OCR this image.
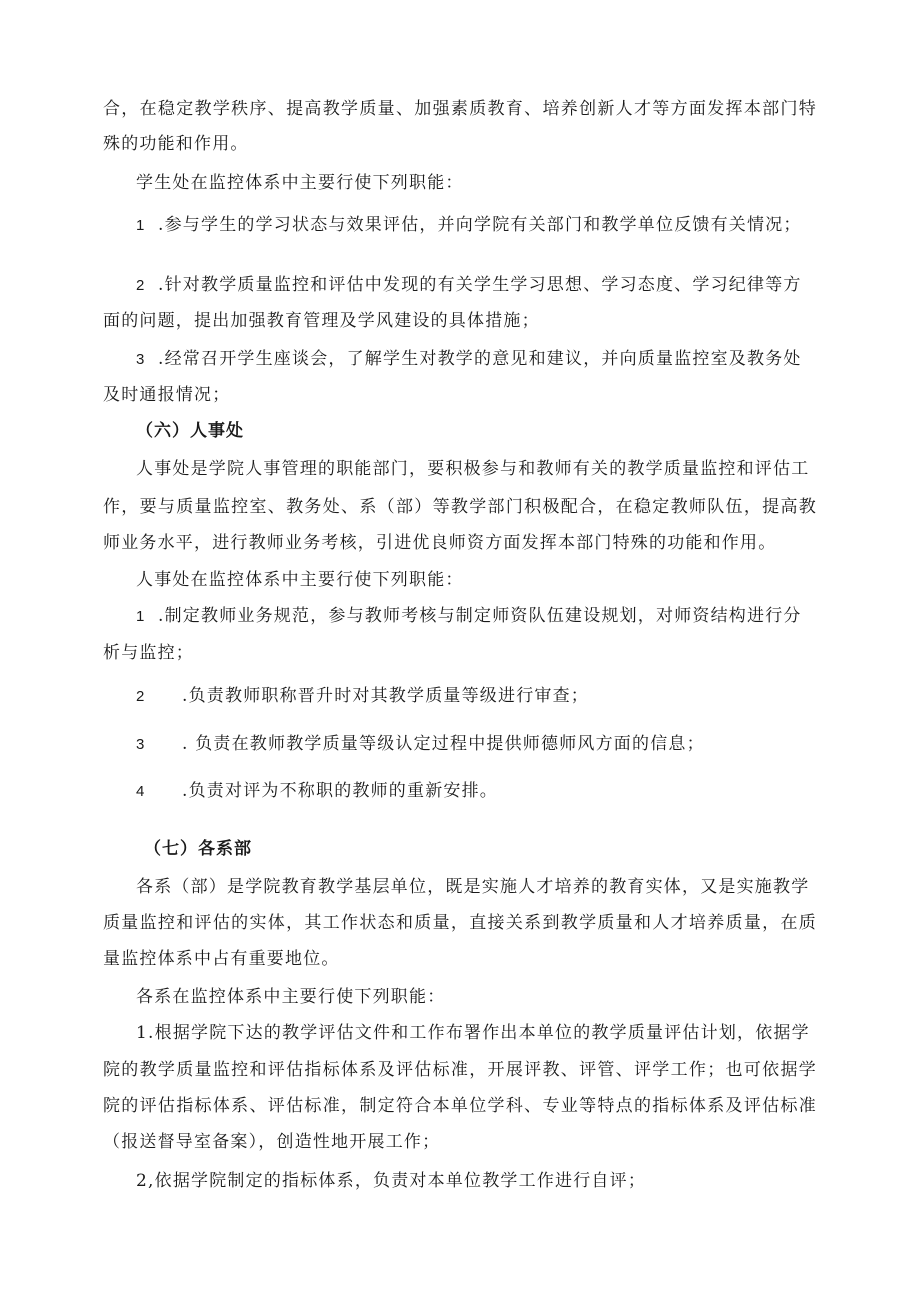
合，在稳定教学秩序、提高教学质量、加强素质教育、培养创新人才等方面发挥本部门特

殊的功能和作用。

学生处在监控体系中主要行使下列职能：

1 .参与学生的学习状态与效果评估，并向学院有关部门和教学单位反馈有关情况；

2 .针对教学质量监控和评估中发现的有关学生学习思想、学习态度、学习纪律等方

面的问题，提出加强教育管理及学风建设的具体措施；

3 .经常召开学生座谈会，了解学生对教学的意见和建议，并向质量监控室及教务处

及时通报情况；

（六）人事处

人事处是学院人事管理的职能部门，要积极参与和教师有关的教学质量监控和评估工

作，要与质量监控室、教务处、系（部）等教学部门积极配合，在稳定教师队伍，提高教

师业务水平，进行教师业务考核，引进优良师资方面发挥本部门特殊的功能和作用。

人事处在监控体系中主要行使下列职能：

1 .制定教师业务规范，参与教师考核与制定师资队伍建设规划，对师资结构进行分

析与监控；

2 .负责教师职称晋升时对其教学质量等级进行审查；

3 . 负责在教师教学质量等级认定过程中提供师德师风方面的信息；

4 .负责对评为不称职的教师的重新安排。

（七）各系部

各系（部）是学院教育教学基层单位，既是实施人才培养的教育实体，又是实施教学

质量监控和评估的实体，其工作状态和质量，直接关系到教学质量和人才培养质量，在质

量监控体系中占有重要地位。

各系在监控体系中主要行使下列职能：

1.根据学院下达的教学评估文件和工作布署作出本单位的教学质量评估计划，依据学

院的教学质量监控和评估指标体系及评估标准，开展评教、评管、评学工作；也可依据学

院的评估指标体系、评估标准，制定符合本单位学科、专业等特点的指标体系及评估标准

（报送督导室备案），创造性地开展工作；

2,依据学院制定的指标体系，负责对本单位教学工作进行自评；
